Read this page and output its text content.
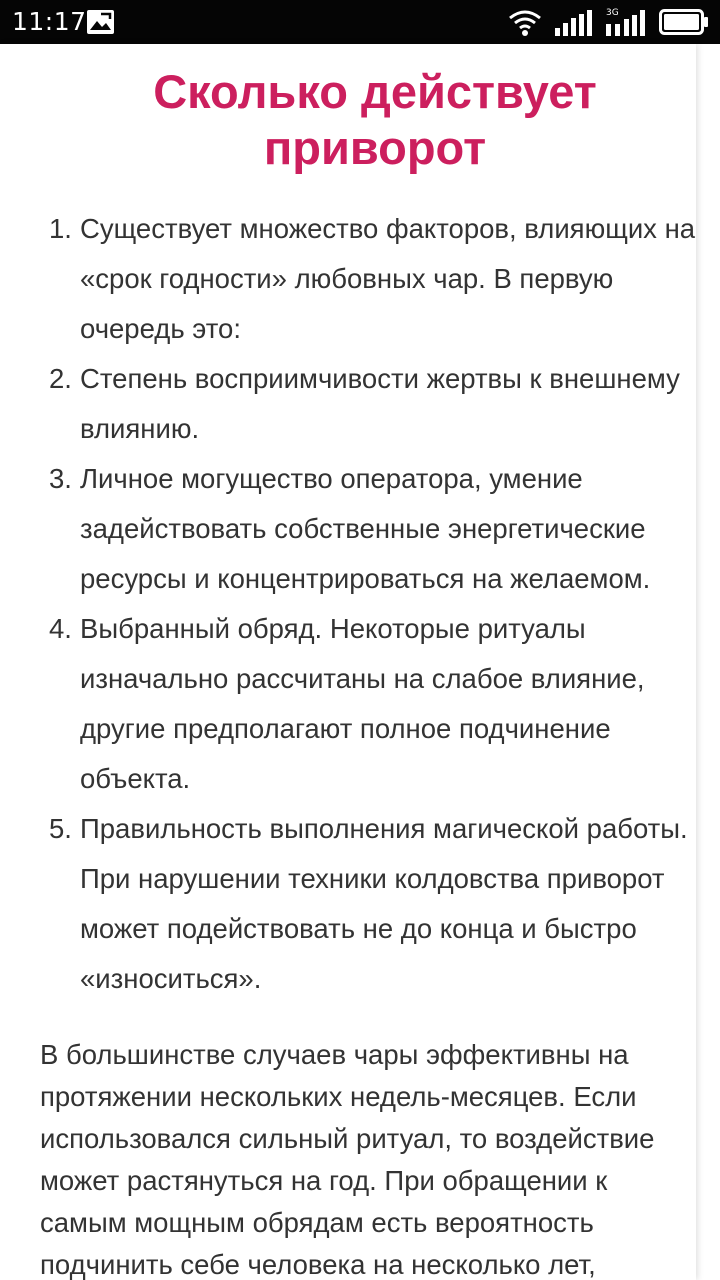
11:17	3G
Сколько действует приворот
1. Существует множество факторов, влияющих на «срок годности» любовных чар. В первую очередь это:
2. Степень восприимчивости жертвы к внешнему влиянию.
3. Личное могущество оператора, умение задействовать собственные энергетические ресурсы и концентрироваться на желаемом.
4. Выбранный обряд. Некоторые ритуалы изначально рассчитаны на слабое влияние, другие предполагают полное подчинение объекта.
5. Правильность выполнения магической работы. При нарушении техники колдовства приворот может подействовать не до конца и быстро «износиться».

В большинстве случаев чары эффективны на протяжении нескольких недель-месяцев. Если использовался сильный ритуал, то воздействие может растянуться на год. При обращении к самым мощным обрядам есть вероятность подчинить себе человека на несколько лет,
